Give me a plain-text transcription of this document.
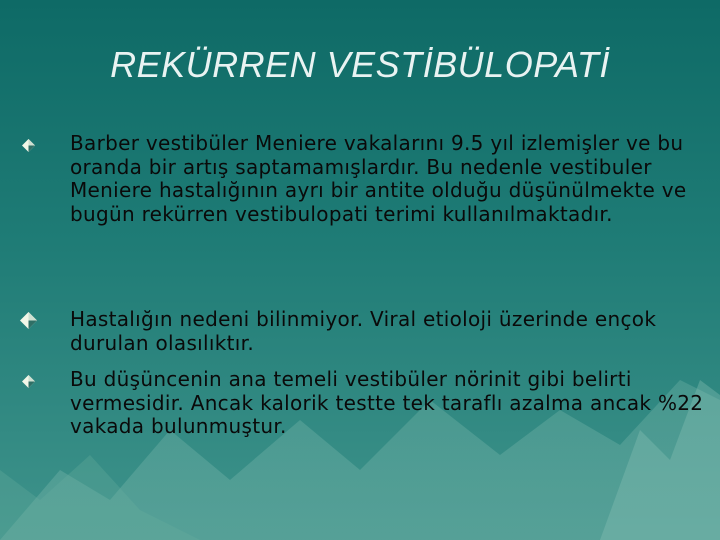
REKÜRREN VESTİBÜLOPATİ
Barber vestibüler Meniere vakalarını 9.5 yıl izlemişler ve bu oranda bir artış saptamamışlardır. Bu nedenle vestibuler Meniere hastalığının ayrı bir antite olduğu düşünülmekte ve bugün rekürren vestibulopati terimi kullanılmaktadır.
Hastalığın nedeni bilinmiyor. Viral etioloji üzerinde ençok durulan olasılıktır.
Bu düşüncenin ana temeli vestibüler nörinit gibi belirti vermesidir. Ancak kalorik testte tek taraflı azalma ancak %22 vakada bulunmuştur.
